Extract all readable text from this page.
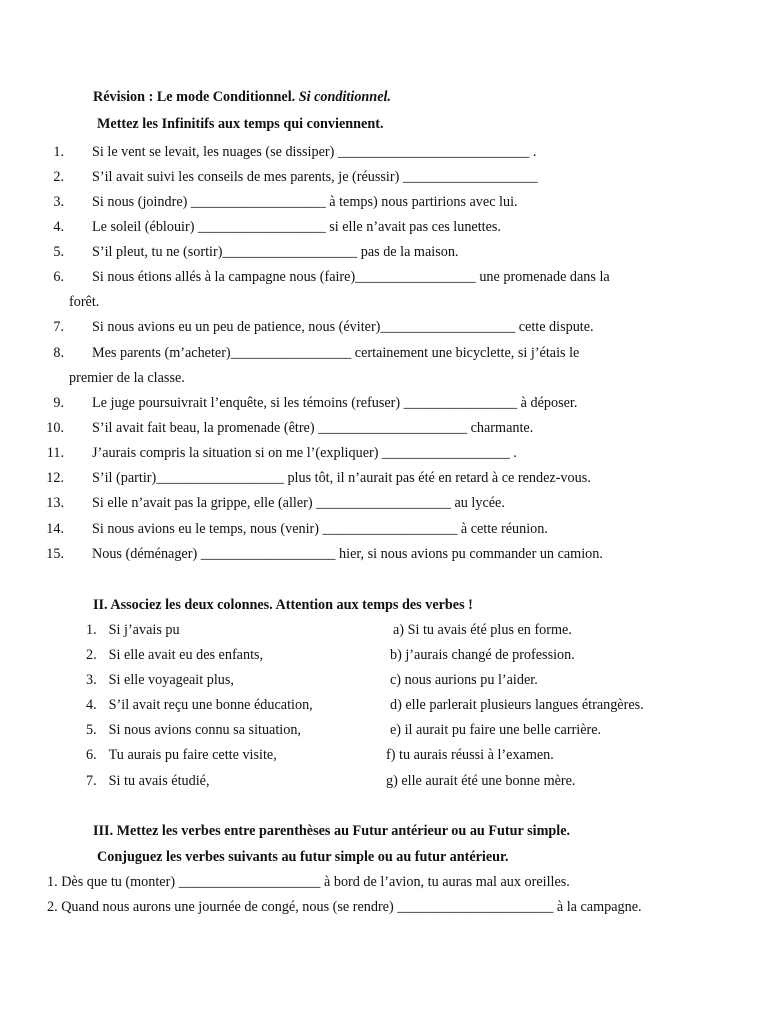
Révision : Le mode Conditionnel. Si conditionnel.
Mettez les Infinitifs aux temps qui conviennent.
1. Si le vent se levait, les nuages (se dissiper) ___________________________ .
2. S’il avait suivi les conseils de mes parents, je (réussir) ___________________
3. Si nous (joindre) ___________________ à temps) nous partirions avec lui.
4. Le soleil (éblouir) __________________ si elle n’avait pas ces lunettes.
5. S’il pleut, tu ne (sortir)___________________ pas de la maison.
6. Si nous étions allés à la campagne nous (faire)_________________ une promenade dans la
forêt.
7. Si nous avions eu un peu de patience, nous (éviter)___________________ cette dispute.
8. Mes parents (m’acheter)_________________ certainement une bicyclette, si j’étais le
premier de la classe.
9. Le juge poursuivrait l’enquête, si les témoins (refuser) ________________ à déposer.
10. S’il avait fait beau, la promenade (être) _____________________ charmante.
11. J’aurais compris la situation si on me l’(expliquer) __________________ .
12. S’il (partir)__________________ plus tôt, il n’aurait pas été en retard à ce rendez-vous.
13. Si elle n’avait pas la grippe, elle (aller) ___________________ au lycée.
14. Si nous avions eu le temps, nous (venir) ___________________ à cette réunion.
15. Nous (déménager) ___________________ hier, si nous avions pu commander un camion.
II. Associez les deux colonnes. Attention aux temps des verbes !
1. Si j’avais pu
2. Si elle avait eu des enfants,
3. Si elle voyageait plus,
4. S’il avait reçu une bonne éducation,
5. Si nous avions connu sa situation,
6. Tu aurais pu faire cette visite,
7. Si tu avais étudié,
a) Si tu avais été plus en forme.
b) j’aurais changé de profession.
c) nous aurions pu l’aider.
d) elle parlerait plusieurs langues étrangères.
e) il aurait pu faire une belle carrière.
f) tu aurais réussi à l’examen.
g) elle aurait été une bonne mère.
III. Mettez les verbes entre parenthèses au Futur antérieur ou au Futur simple.
Conjuguez les verbes suivants au futur simple ou au futur antérieur.
1. Dès que tu (monter) ____________________ à bord de l’avion, tu auras mal aux oreilles.
2. Quand nous aurons une journée de congé, nous (se rendre) ______________________ à la campagne.
